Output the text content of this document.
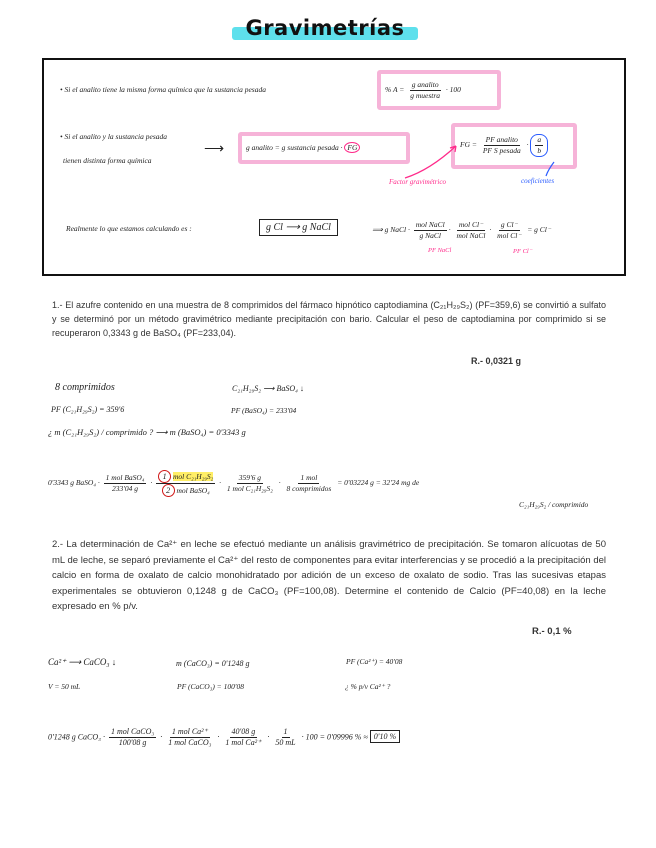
Gravimetrías
• Si el analito tiene la misma forma química que la sustancia pesada	% $A = \frac{\text{g analito}}{\text{g muestra}} \cdot 100$
• Si el analito y la sustancia pesada
tienen distinta forma química
⟶	g analito = g sustancia pesada · FG	FG = $\frac{\text{PF analito}}{\text{PF S pesada}} \cdot \frac{a}{b}$
Factor gravimétrico	coeficientes
Realmente lo que estamos calculando es :	g Cl ⟶ g NaCl	⟹ g NaCl · $\frac{\text{mol NaCl}}{\text{g NaCl}} \cdot \frac{\text{mol Cl⁻}}{\text{mol NaCl}} \cdot \frac{\text{g Cl⁻}}{\text{mol Cl⁻}} = g$ Cl⁻
PF NaCl	PF Cl⁻
1.- El azufre contenido en una muestra de 8 comprimidos del fármaco hipnótico captodiamina (C₂₁H₂₉S₂) (PF=359,6) se convirtió a sulfato y se determinó por un método gravimétrico mediante precipitación con bario. Calcular el peso de captodiamina por comprimido si se recuperaron 0,3343 g de BaSO₄ (PF=233,04).
R.- 0,0321 g
8 comprimidos	C₂₁H₂₉S₂ ⟶ BaSO₄ ↓
PF (C₂₁H₂₉S₂) = 359'6	PF (BaSO₄) = 233'04
¿ m (C₂₁H₂₉S₂) / comprimido ? ⟶ m (BaSO₄) = 0'3343 g
0'3343 g BaSO₄ · $\frac{\text{1 mol BaSO₄}}{233'04 g} \cdot \frac{\text{1 mol C₂₁H₂₉S₂}}{\text{2 mol BaSO₄}} \cdot \frac{359'6 g}{\text{1 mol C₂₁H₂₉S₂}} \cdot \frac{\text{1 mol}}{\text{8 comprimidos}} = 0'03224$ g = 32'24 mg de
C₂₁H₂₉S₂ / comprimido
2.- La determinación de Ca²⁺ en leche se efectuó mediante un análisis gravimétrico de precipitación. Se tomaron alícuotas de 50 mL de leche, se separó previamente el Ca²⁺ del resto de componentes para evitar interferencias y se procedió a la precipitación del calcio en forma de oxalato de calcio monohidratado por adición de un exceso de oxalato de sodio. Tras las sucesivas etapas experimentales se obtuvieron 0,1248 g de CaCO₃ (PF=100,08). Determine el contenido de Calcio (PF=40,08) en la leche expresado en % p/v.
R.- 0,1 %
Ca²⁺ ⟶ CaCO₃ ↓	m (CaCO₃) = 0'1248 g	PF (Ca²⁺) = 40'08
V = 50 mL	PF (CaCO₃) = 100'08	¿ % p/v Ca²⁺ ?
0'1248 g CaCO₃ · $\frac{\text{1 mol CaCO₃}}{100'08 g} \cdot \frac{\text{1 mol Ca²⁺}}{\text{1 mol CaCO₃}} \cdot \frac{40'08 g}{\text{1 mol Ca²⁺}} \cdot \frac{1}{50 mL} \cdot 100 = 0'09996$ % ≈ 0'10 %
